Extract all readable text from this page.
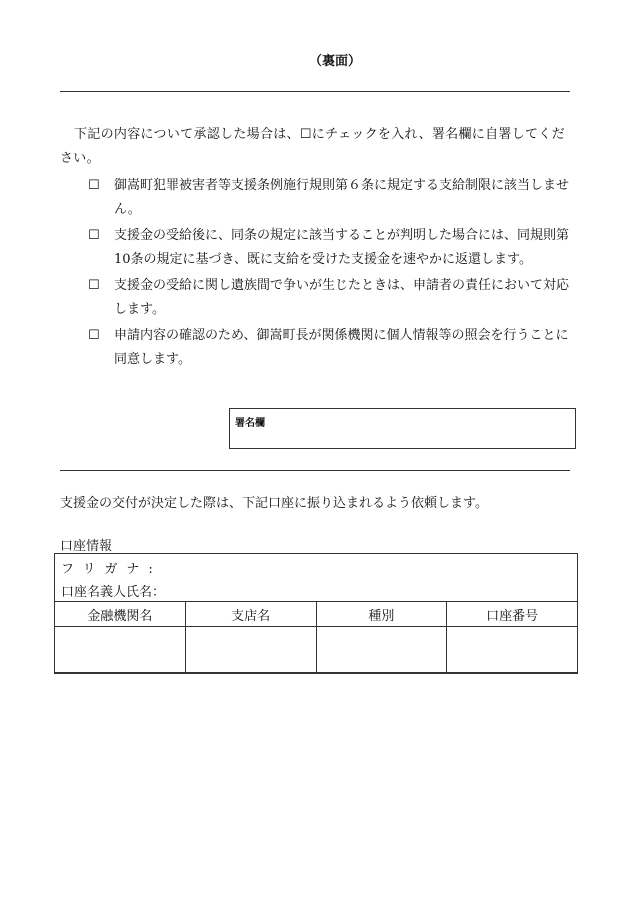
（裏面）
下記の内容について承認した場合は、☐にチェックを入れ、署名欄に自署してください。
☐ 御嵩町犯罪被害者等支援条例施行規則第６条に規定する支給制限に該当しません。
☐ 支援金の受給後に、同条の規定に該当することが判明した場合には、同規則第10条の規定に基づき、既に支給を受けた支援金を速やかに返還します。
☐ 支援金の受給に関し遺族間で争いが生じたときは、申請者の責任において対応します。
☐ 申請内容の確認のため、御嵩町長が関係機関に個人情報等の照会を行うことに同意します。
署名欄
支援金の交付が決定した際は、下記口座に振り込まれるよう依頼します。
口座情報
フリガナ:
口座名義人氏名：
金融機関名	支店名	種別	口座番号
